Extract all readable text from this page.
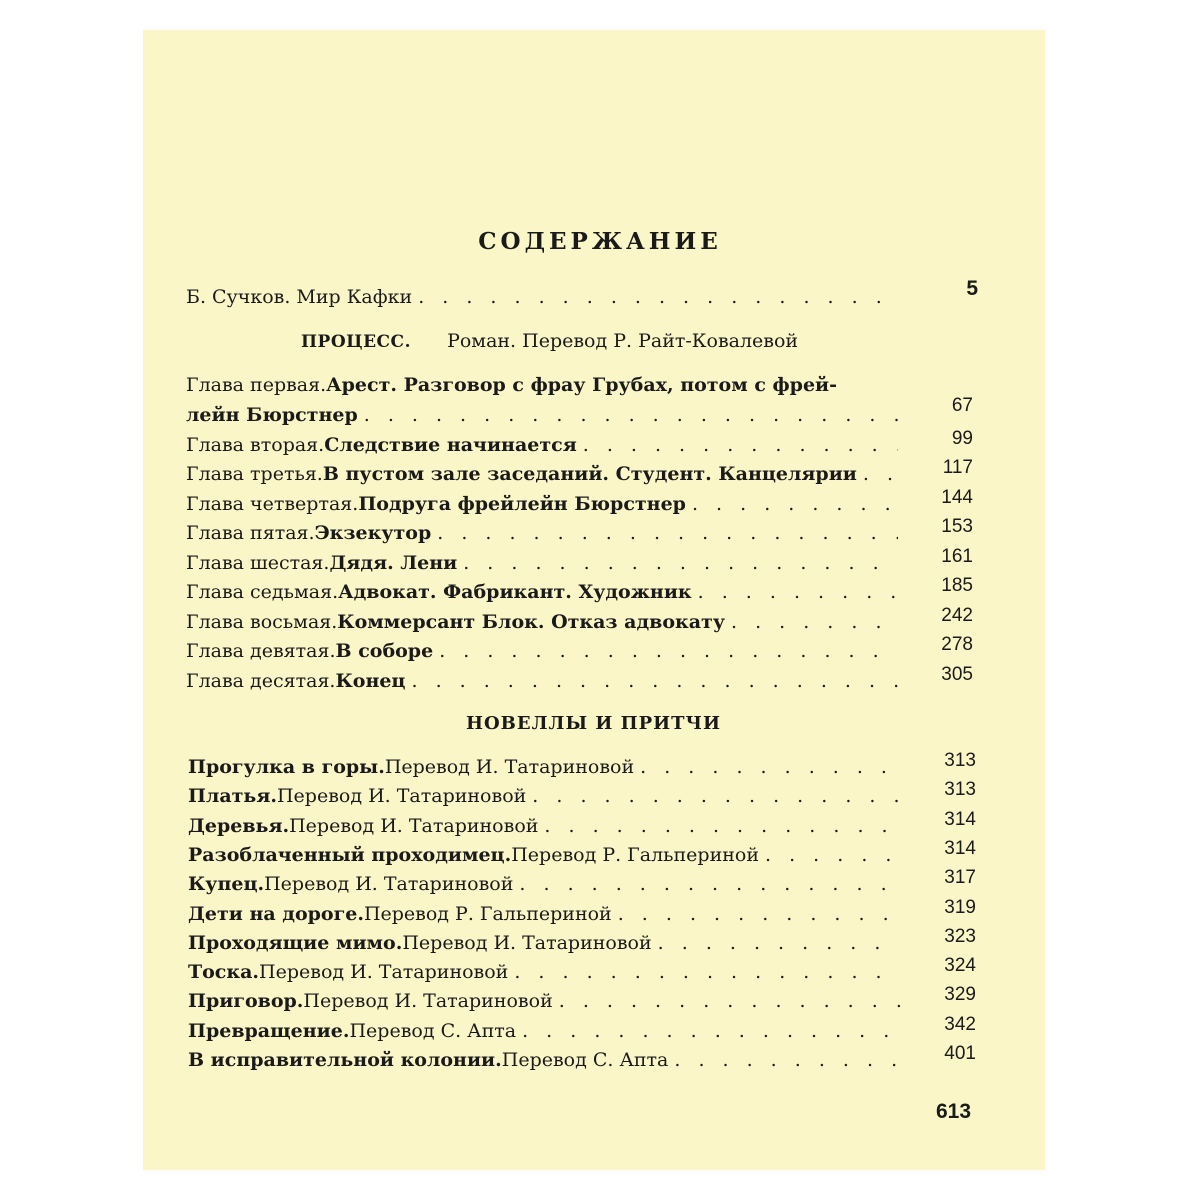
СОДЕРЖАНИЕ
Б. Сучков. Мир Кафки . . .	5
ПРОЦЕСС. Роман. Перевод Р. Райт-Ковалевой
Глава первая. Арест. Разговор с фрау Грубах, потом с фрей-
лейн Бюрстнер . . .	67
Глава вторая. Следствие начинается . . .	99
Глава третья. В пустом зале заседаний. Студент. Канцелярии . . .	117
Глава четвертая. Подруга фрейлейн Бюрстнер . . .	144
Глава пятая. Экзекутор . . .	153
Глава шестая. Дядя. Лени . . .	161
Глава седьмая. Адвокат. Фабрикант. Художник . . .	185
Глава восьмая. Коммерсант Блок. Отказ адвокату . . .	242
Глава девятая. В соборе . . .	278
Глава десятая. Конец . . .	305
НОВЕЛЛЫ И ПРИТЧИ
Прогулка в горы. Перевод И. Татариновой . . .	313
Платья. Перевод И. Татариновой . . .	313
Деревья. Перевод И. Татариновой . . .	314
Разоблаченный проходимец. Перевод Р. Гальпериной . . .	314
Купец. Перевод И. Татариновой . . .	317
Дети на дороге. Перевод Р. Гальпериной . . .	319
Проходящие мимо. Перевод И. Татариновой . . .	323
Тоска. Перевод И. Татариновой . . .	324
Приговор. Перевод И. Татариновой . . .	329
Превращение. Перевод С. Апта . . .	342
В исправительной колонии. Перевод С. Апта . . .	401
613
